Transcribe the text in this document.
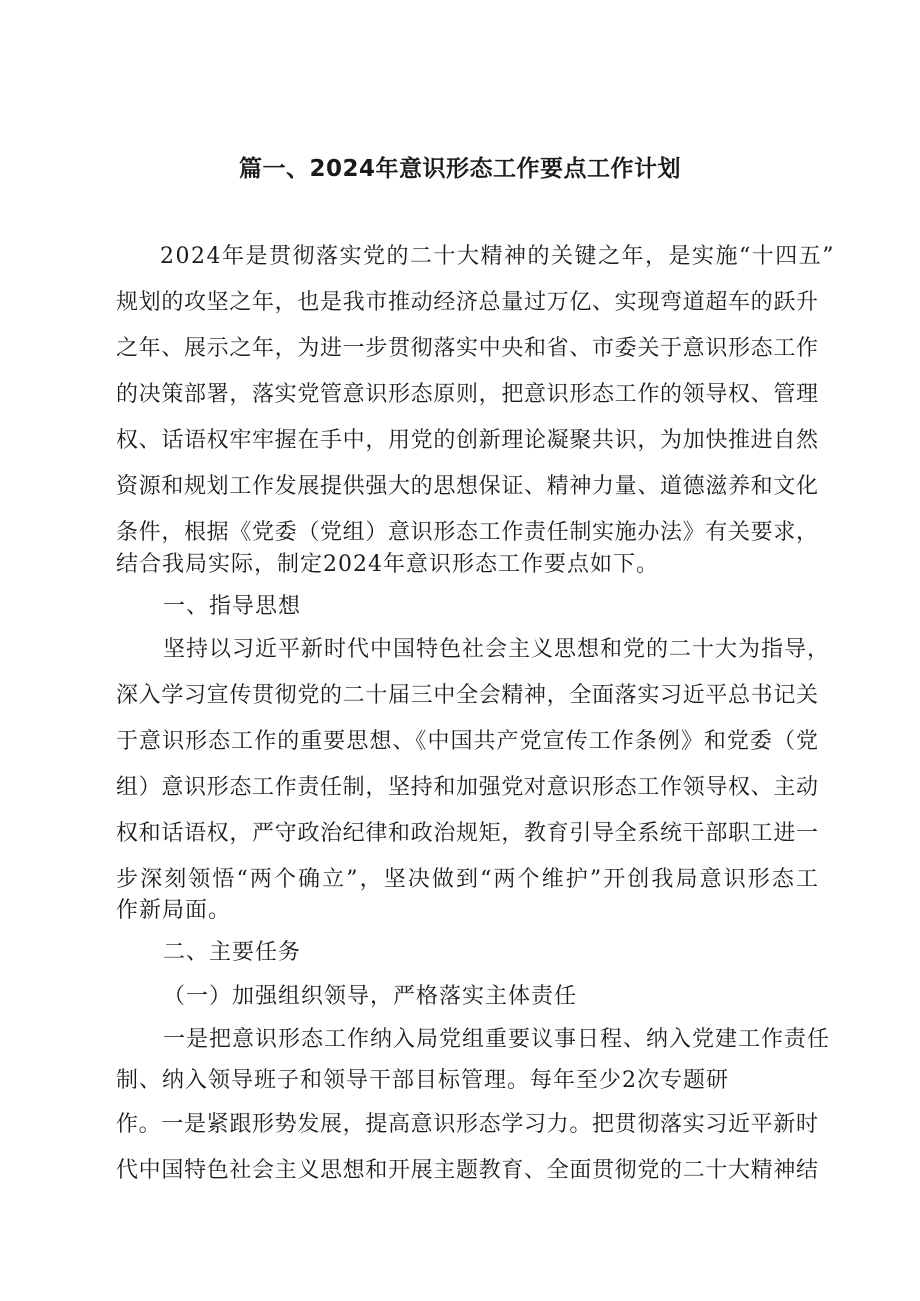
篇一、2024年意识形态工作要点工作计划
2024年是贯彻落实党的二十大精神的关键之年，是实施“十四五”
规划的攻坚之年，也是我市推动经济总量过万亿、实现弯道超车的跃升
之年、展示之年，为进一步贯彻落实中央和省、市委关于意识形态工作
的决策部署，落实党管意识形态原则，把意识形态工作的领导权、管理
权、话语权牢牢握在手中，用党的创新理论凝聚共识，为加快推进自然
资源和规划工作发展提供强大的思想保证、精神力量、道德滋养和文化
条件，根据《党委（党组）意识形态工作责任制实施办法》有关要求，
结合我局实际，制定2024年意识形态工作要点如下。
一、指导思想
坚持以习近平新时代中国特色社会主义思想和党的二十大为指导，
深入学习宣传贯彻党的二十届三中全会精神，全面落实习近平总书记关
于意识形态工作的重要思想、《中国共产党宣传工作条例》和党委（党
组）意识形态工作责任制，坚持和加强党对意识形态工作领导权、主动
权和话语权，严守政治纪律和政治规矩，教育引导全系统干部职工进一
步深刻领悟“两个确立”，坚决做到“两个维护”开创我局意识形态工
作新局面。
二、主要任务
（一）加强组织领导，严格落实主体责任
一是把意识形态工作纳入局党组重要议事日程、纳入党建工作责任
制、纳入领导班子和领导干部目标管理。每年至少2次专题研
作。一是紧跟形势发展，提高意识形态学习力。把贯彻落实习近平新时
代中国特色社会主义思想和开展主题教育、全面贯彻党的二十大精神结
